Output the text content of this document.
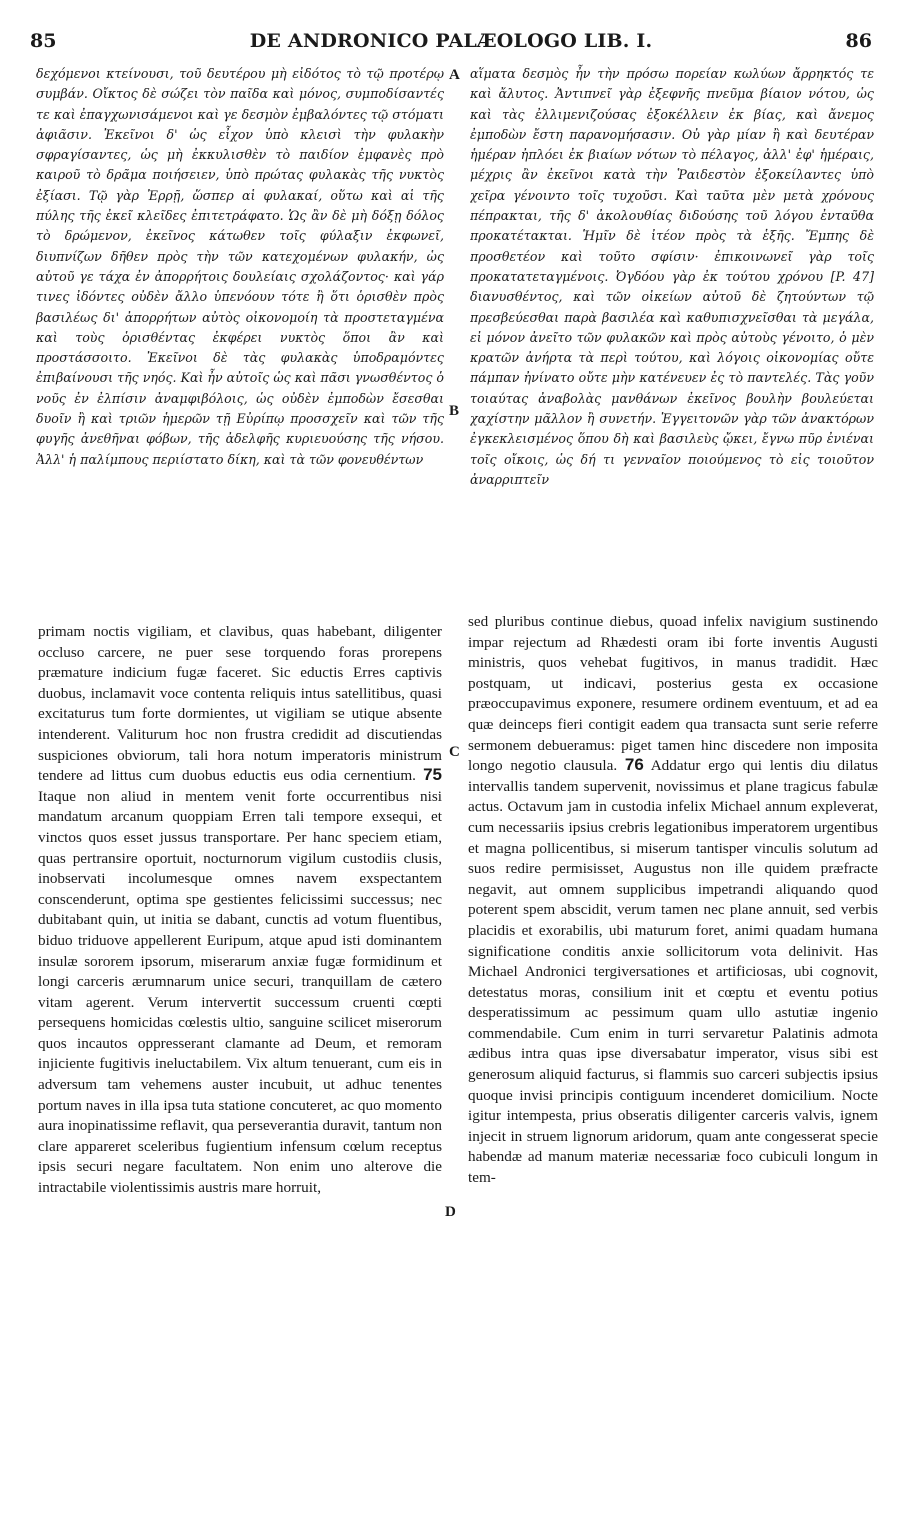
85	DE ANDRONICO PALÆOLOGO LIB. I.	86

δεχόμενοι κτείνουσι, τοῦ δευτέρου μὴ εἰδότος τὸ τῷ προτέρῳ συμβάν. Οἴκτος δὲ σώζει τὸν παῖδα καὶ μόνος, συμποδίσαντές τε καὶ ἐπαγχωνισάμενοι καὶ γε δεσμὸν ἐμβαλόντες τῷ στόματι ἀφιᾶσιν. Ἐκεῖνοι δ' ὡς εἶχον ὑπὸ κλεισὶ τὴν φυλακὴν σφραγίσαντες, ὡς μὴ ἐκκυλισθὲν τὸ παιδίον ἐμφανὲς πρὸ καιροῦ τὸ δρᾶμα ποιήσειεν, ὑπὸ πρώτας φυλακὰς τῆς νυκτὸς ἐξίασι. Τῷ γὰρ Ἐρρῇ, ὥσπερ αἱ φυλακαί, οὕτω καὶ αἱ τῆς πύλης τῆς ἐκεῖ κλεῖδες ἐπιτετράφατο. Ὡς ἂν δὲ μὴ δόξῃ δόλος τὸ δρώμενον, ἐκεῖνος κάτωθεν τοῖς φύλαξιν ἐκφωνεῖ, διυπνίζων δῆθεν πρὸς τὴν τῶν κατεχομένων φυλακήν, ὡς αὐτοῦ γε τάχα ἐν ἀπορρήτοις δουλείαις σχολάζοντος· καὶ γάρ τινες ἰδόντες οὐδὲν ἄλλο ὑπενόουν τότε ἢ ὅτι ὁρισθὲν πρὸς βασιλέως δι' ἀπορρήτων αὐτὸς οἰκονομοίη τὰ προστεταγμένα καὶ τοὺς ὁρισθέντας ἐκφέρει νυκτὸς ὅποι ἂν καὶ προστάσσοιτο. Ἐκεῖνοι δὲ τὰς φυλακὰς ὑποδραμόντες ἐπιβαίνουσι τῆς νηός. Καὶ ἦν αὐτοῖς ὡς καὶ πᾶσι γνωσθέντος ὁ νοῦς ἐν ἐλπίσιν ἀναμφιβόλοις, ὡς οὐδὲν ἐμποδὼν ἔσεσθαι δυοῖν ἢ καὶ τριῶν ἡμερῶν τῇ Εὐρίπῳ προσσχεῖν καὶ τῶν τῆς φυγῆς ἀνεθῆναι φόβων, τῆς ἀδελφῆς κυριευούσης τῆς νήσου. Ἀλλ' ἡ παλίμπους περιίστατο δίκη, καὶ τὰ τῶν φονευθέντων

αἵματα δεσμὸς ἦν τὴν πρόσω πορείαν κωλύων ἄρρηκτός τε καὶ ἄλυτος. Ἀντιπνεῖ γὰρ ἐξεφνῆς πνεῦμα βίαιον νότου, ὡς καὶ τὰς ἐλλιμενιζούσας ἐξοκέλλειν ἐκ βίας, καὶ ἄνεμος ἐμποδὼν ἔστη παρανομήσασιν. Οὐ γὰρ μίαν ἢ καὶ δευτέραν ἡμέραν ἠπλόει ἐκ βιαίων νότων τὸ πέλαγος, ἀλλ' ἐφ' ἡμέραις, μέχρις ἂν ἐκεῖνοι κατὰ τὴν Ῥαιδεστὸν ἐξοκείλαντες ὑπὸ χεῖρα γένοιντο τοῖς τυχοῦσι. Καὶ ταῦτα μὲν μετὰ χρόνους πέπρακται, τῆς δ' ἀκολουθίας διδούσης τοῦ λόγου ἐνταῦθα προκατέτακται. Ἡμῖν δὲ ἰτέον πρὸς τὰ ἑξῆς. Ἔμπης δὲ προσθετέον καὶ τοῦτο σφίσιν· ἐπικοινωνεῖ γὰρ τοῖς προκατατεταγμένοις. Ὀγδόου γὰρ ἐκ τούτου χρόνου [P. 47] διανυσθέντος, καὶ τῶν οἰκείων αὐτοῦ δὲ ζητούντων τῷ πρεσβεύεσθαι παρὰ βασιλέα καὶ καθυπισχνεῖσθαι τὰ μεγάλα, εἰ μόνον ἀνεῖτο τῶν φυλακῶν καὶ πρὸς αὐτοὺς γένοιτο, ὁ μὲν κρατῶν ἀνήρτα τὰ περὶ τούτου, καὶ λόγοις οἰκονομίας οὔτε πάμπαν ἠνίνατο οὔτε μὴν κατένευεν ἐς τὸ παντελές. Τὰς γοῦν τοιαύτας ἀναβολὰς μανθάνων ἐκεῖνος βουλὴν βουλεύεται χαχίστην μᾶλλον ἢ συνετήν. Ἐγγειτονῶν γὰρ τῶν ἀνακτόρων ἐγκεκλεισμένος ὅπου δὴ καὶ βασιλεὺς ᾤκει, ἔγνω πῦρ ἐνιέναι τοῖς οἴκοις, ὡς δή τι γενναῖον ποιούμενος τὸ εἰς τοιοῦτον ἀναρριπτεῖν

primam noctis vigiliam, et clavibus, quas habebant, diligenter occluso carcere, ne puer sese torquendo foras prorepens præmature indicium fugæ faceret. Sic eductis Erres captivis duobus, inclamavit voce contenta reliquis intus satellitibus, quasi excitaturus tum forte dormientes, ut vigiliam se utique absente intenderent. Valiturum hoc non frustra credidit ad discutiendas suspiciones obviorum, tali hora notum imperatoris ministrum tendere ad littus cum duobus eductis eus odia cernentium. 75 Itaque non aliud in mentem venit forte occurrentibus nisi mandatum arcanum quoppiam Erren tali tempore exsequi, et vinctos quos esset jussus transportare. Per hanc speciem etiam, quas pertransire oportuit, nocturnorum vigilum custodiis clusis, inobservati incolumesque omnes navem exspectantem conscenderunt, optima spe gestientes felicissimi successus; nec dubitabant quin, ut initia se dabant, cunctis ad votum fluentibus, biduo triduove appellerent Euripum, atque apud isti dominantem insulæ sororem ipsorum, miserarum anxiæ fugæ formidinum et longi carceris ærumnarum unice securi, tranquillam de cætero vitam agerent. Verum intervertit successum cruenti cœpti persequens homicidas cœlestis ultio, sanguine scilicet miserorum quos incautos oppresserant clamante ad Deum, et remoram injiciente fugitivis ineluctabilem. Vix altum tenuerant, cum eis in adversum tam vehemens auster incubuit, ut adhuc tenentes portum naves in illa ipsa tuta statione concuteret, ac quo momento aura inopinatissime reflavit, qua perseverantia duravit, tantum non clare appareret sceleribus fugientium infensum cœlum receptus ipsis securi negare facultatem. Non enim uno alterove die intractabile violentissimis austris mare horruit,

sed pluribus continue diebus, quoad infelix navigium sustinendo impar rejectum ad Rhædesti oram ibi forte inventis Augusti ministris, quos vehebat fugitivos, in manus tradidit. Hæc postquam, ut indicavi, posterius gesta ex occasione præoccupavimus exponere, resumere ordinem eventuum, et ad ea quæ deinceps fieri contigit eadem qua transacta sunt serie referre sermonem debueramus: piget tamen hinc discedere non imposita longo negotio clausula. 76 Addatur ergo qui lentis diu dilatus intervallis tandem supervenit, novissimus et plane tragicus fabulæ actus. Octavum jam in custodia infelix Michael annum expleverat, cum necessariis ipsius crebris legationibus imperatorem urgentibus et magna pollicentibus, si miserum tantisper vinculis solutum ad suos redire permisisset, Augustus non ille quidem præfracte negavit, aut omnem supplicibus impetrandi aliquando quod poterent spem abscidit, verum tamen nec plane annuit, sed verbis placidis et exorabilis, ubi maturum foret, animi quadam humana significatione conditis anxie sollicitorum vota delinivit. Has Michael Andronici tergiversationes et artificiosas, ubi cognovit, detestatus moras, consilium init et cœptu et eventu potius desperatissimum ac pessimum quam ullo astutiæ ingenio commendabile. Cum enim in turri servaretur Palatinis admota ædibus intra quas ipse diversabatur imperator, visus sibi est generosum aliquid facturus, si flammis suo carceri subjectis ipsius quoque invisi principis contiguum incenderet domicilium. Nocte igitur intempesta, prius obseratis diligenter carceris valvis, ignem injecit in struem lignorum aridorum, quam ante congesserat specie habendæ ad manum materiæ necessariæ foco cubiculi longum in tem-

A
B
C
D
